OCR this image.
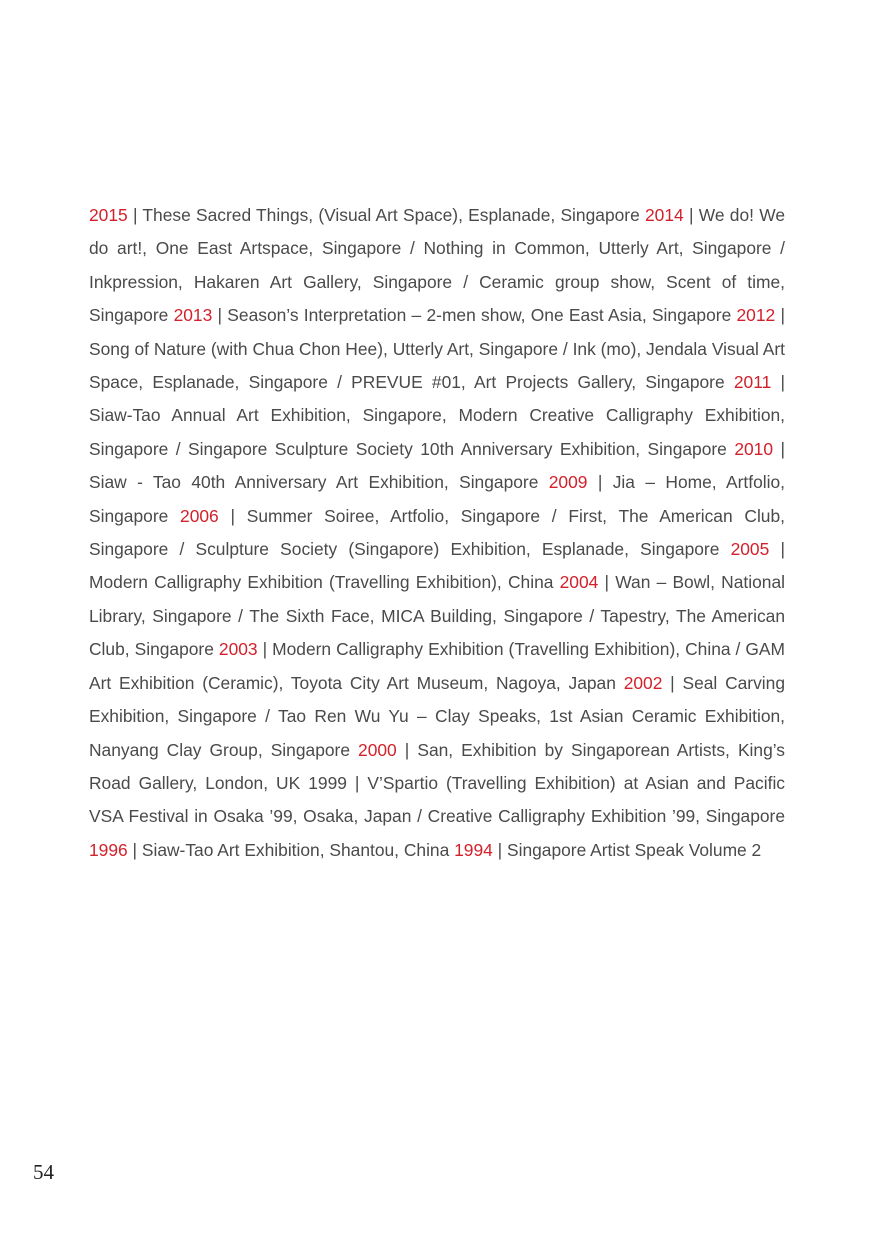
2015 | These Sacred Things, (Visual Art Space), Esplanade, Singapore 2014 | We do! We do art!, One East Artspace, Singapore / Nothing in Common, Utterly Art, Singapore / Inkpression, Hakaren Art Gallery, Singapore / Ceramic group show, Scent of time, Singapore 2013 | Season’s Interpretation – 2-men show, One East Asia, Singapore 2012 | Song of Nature (with Chua Chon Hee), Utterly Art, Singapore / Ink (mo), Jendala Visual Art Space, Esplanade, Singapore / PREVUE #01, Art Projects Gallery, Singapore 2011 | Siaw-Tao Annual Art Exhibition, Singapore, Modern Creative Calligraphy Exhibition, Singapore / Singapore Sculpture Society 10th Anniversary Exhibition, Singapore 2010 | Siaw - Tao 40th Anniversary Art Exhibition, Singapore 2009 | Jia – Home, Artfolio, Singapore 2006 | Summer Soiree, Artfolio, Singapore / First, The American Club, Singapore / Sculpture Society (Singapore) Exhibition, Esplanade, Singapore 2005 | Modern Calligraphy Exhibition (Travelling Exhibition), China 2004 | Wan – Bowl, National Library, Singapore / The Sixth Face, MICA Building, Singapore / Tapestry, The American Club, Singapore 2003 | Modern Calligraphy Exhibition (Travelling Exhibition), China / GAM Art Exhibition (Ceramic), Toyota City Art Museum, Nagoya, Japan 2002 | Seal Carving Exhibition, Singapore / Tao Ren Wu Yu – Clay Speaks, 1st Asian Ceramic Exhibition, Nanyang Clay Group, Singapore 2000 | San, Exhibition by Singaporean Artists, King’s Road Gallery, London, UK 1999 | V’Spartio (Travelling Exhibition) at Asian and Pacific VSA Festival in Osaka ’99, Osaka, Japan / Creative Calligraphy Exhibition ’99, Singapore 1996 | Siaw-Tao Art Exhibition, Shantou, China 1994 | Singapore Artist Speak Volume 2

54
